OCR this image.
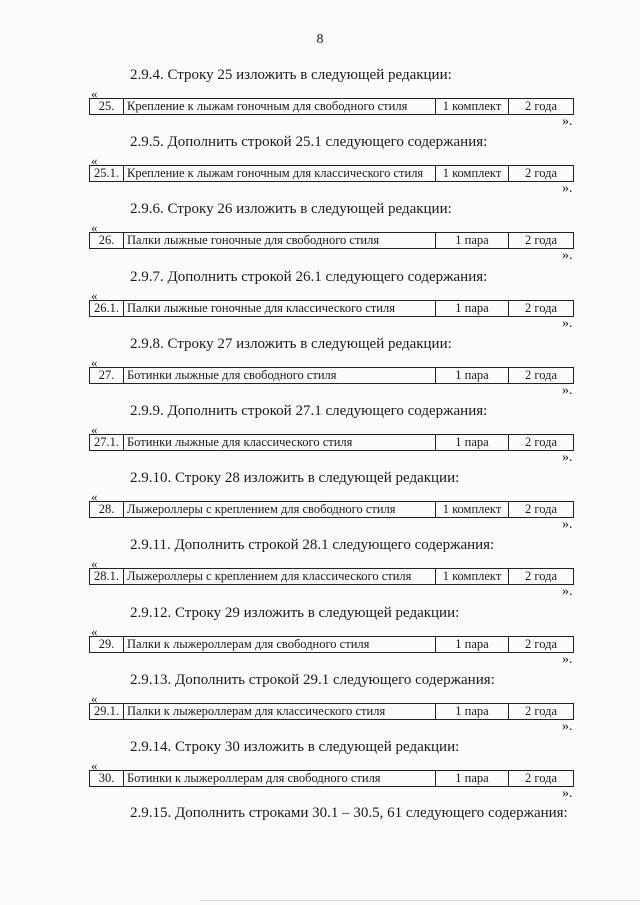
8
2.9.4. Строку 25 изложить в следующей редакции:
«
25.	Крепление к лыжам гоночным для свободного стиля	1 комплект	2 года
».
2.9.5. Дополнить строкой 25.1 следующего содержания:
«
25.1.	Крепление к лыжам гоночным для классического стиля	1 комплект	2 года
».
2.9.6. Строку 26 изложить в следующей редакции:
«
26.	Палки лыжные гоночные для свободного стиля	1 пара	2 года
».
2.9.7. Дополнить строкой 26.1 следующего содержания:
«
26.1.	Палки лыжные гоночные для классического стиля	1 пара	2 года
».
2.9.8. Строку 27 изложить в следующей редакции:
«
27.	Ботинки лыжные для свободного стиля	1 пара	2 года
».
2.9.9. Дополнить строкой 27.1 следующего содержания:
«
27.1.	Ботинки лыжные для классического стиля	1 пара	2 года
».
2.9.10. Строку 28 изложить в следующей редакции:
«
28.	Лыжероллеры с креплением для свободного стиля	1 комплект	2 года
».
2.9.11. Дополнить строкой 28.1 следующего содержания:
«
28.1.	Лыжероллеры с креплением для классического стиля	1 комплект	2 года
».
2.9.12. Строку 29 изложить в следующей редакции:
«
29.	Палки к лыжероллерам для свободного стиля	1 пара	2 года
».
2.9.13. Дополнить строкой 29.1 следующего содержания:
«
29.1.	Палки к лыжероллерам для классического стиля	1 пара	2 года
».
2.9.14. Строку 30 изложить в следующей редакции:
«
30.	Ботинки к лыжероллерам для свободного стиля	1 пара	2 года
».
2.9.15. Дополнить строками 30.1 – 30.5, 61 следующего содержания:
